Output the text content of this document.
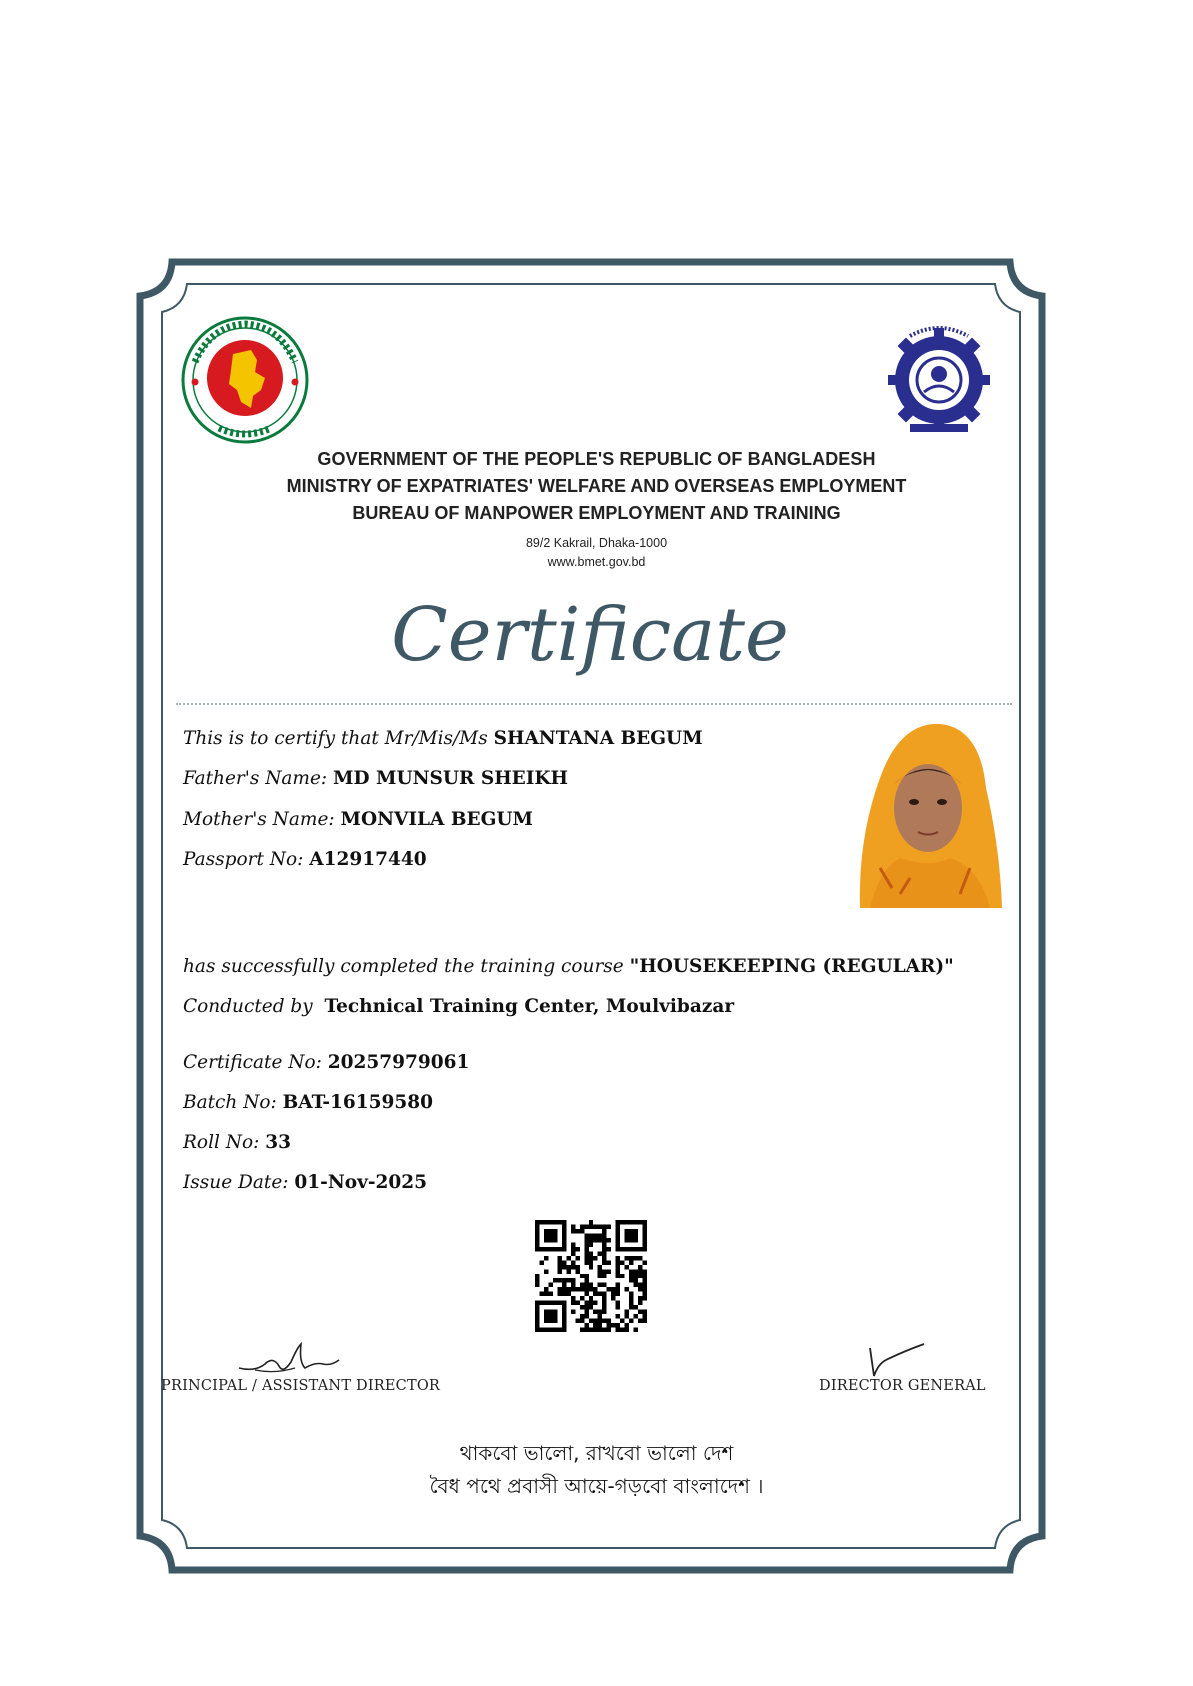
GOVERNMENT OF THE PEOPLE'S REPUBLIC OF BANGLADESH
MINISTRY OF EXPATRIATES' WELFARE AND OVERSEAS EMPLOYMENT
BUREAU OF MANPOWER EMPLOYMENT AND TRAINING
89/2 Kakrail, Dhaka-1000
www.bmet.gov.bd
Certificate
This is to certify that Mr/Mis/Ms SHANTANA BEGUM
Father's Name: MD MUNSUR SHEIKH
Mother's Name: MONVILA BEGUM
Passport No: A12917440
has successfully completed the training course "HOUSEKEEPING (REGULAR)"
Conducted by Technical Training Center, Moulvibazar
Certificate No: 20257979061
Batch No: BAT-16159580
Roll No: 33
Issue Date: 01-Nov-2025
PRINCIPAL / ASSISTANT DIRECTOR	DIRECTOR GENERAL
থাকবো ভালো, রাখবো ভালো দেশ
বৈধ পথে প্রবাসী আয়ে-গড়বো বাংলাদেশ ।
